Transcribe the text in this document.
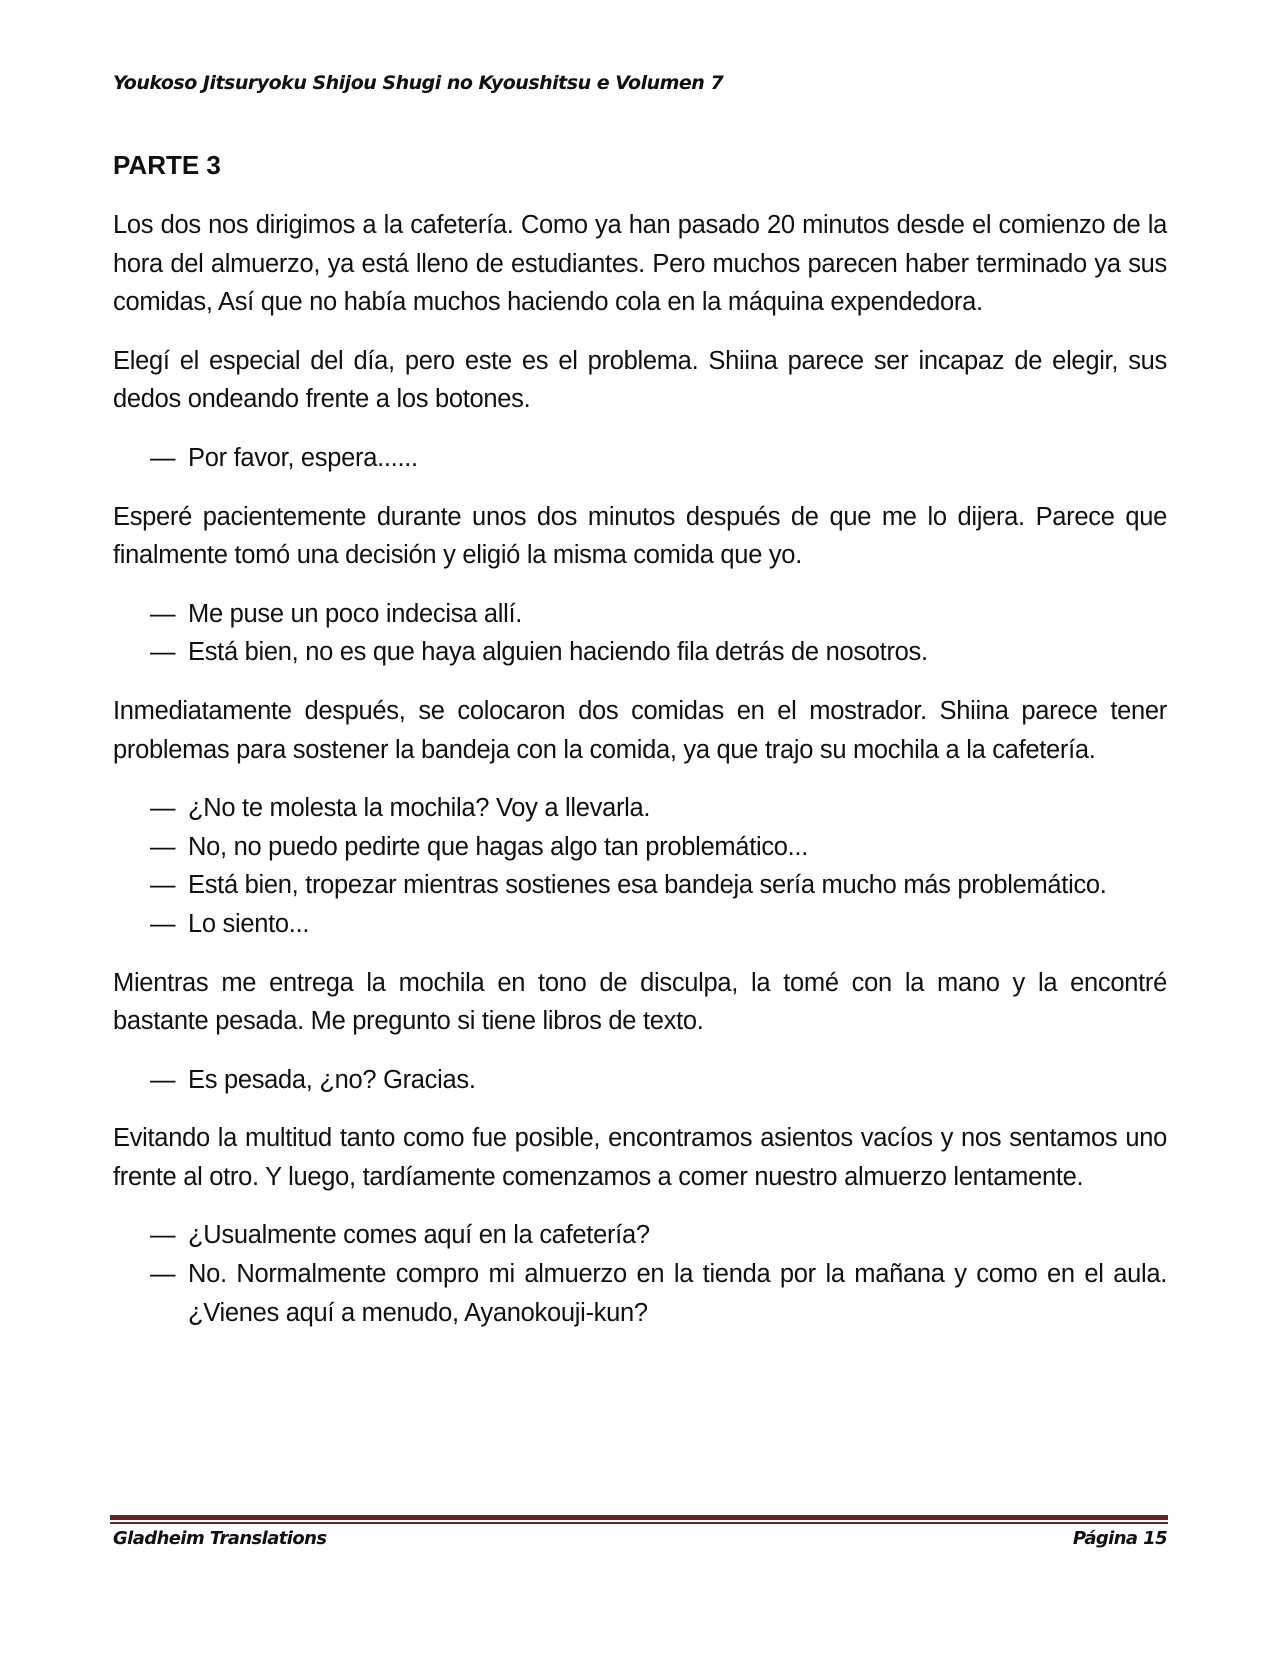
Youkoso Jitsuryoku Shijou Shugi no Kyoushitsu e Volumen 7
PARTE 3

Los dos nos dirigimos a la cafetería. Como ya han pasado 20 minutos desde el comienzo de la hora del almuerzo, ya está lleno de estudiantes. Pero muchos parecen haber terminado ya sus comidas, Así que no había muchos haciendo cola en la máquina expendedora.

Elegí el especial del día, pero este es el problema. Shiina parece ser incapaz de elegir, sus dedos ondeando frente a los botones.

— Por favor, espera......

Esperé pacientemente durante unos dos minutos después de que me lo dijera. Parece que finalmente tomó una decisión y eligió la misma comida que yo.

— Me puse un poco indecisa allí.
— Está bien, no es que haya alguien haciendo fila detrás de nosotros.

Inmediatamente después, se colocaron dos comidas en el mostrador. Shiina parece tener problemas para sostener la bandeja con la comida, ya que trajo su mochila a la cafetería.

— ¿No te molesta la mochila? Voy a llevarla.
— No, no puedo pedirte que hagas algo tan problemático...
— Está bien, tropezar mientras sostienes esa bandeja sería mucho más problemático.
— Lo siento...

Mientras me entrega la mochila en tono de disculpa, la tomé con la mano y la encontré bastante pesada. Me pregunto si tiene libros de texto.

— Es pesada, ¿no? Gracias.

Evitando la multitud tanto como fue posible, encontramos asientos vacíos y nos sentamos uno frente al otro. Y luego, tardíamente comenzamos a comer nuestro almuerzo lentamente.

— ¿Usualmente comes aquí en la cafetería?
— No. Normalmente compro mi almuerzo en la tienda por la mañana y como en el aula. ¿Vienes aquí a menudo, Ayanokouji-kun?
Gladheim Translations	Página 15
